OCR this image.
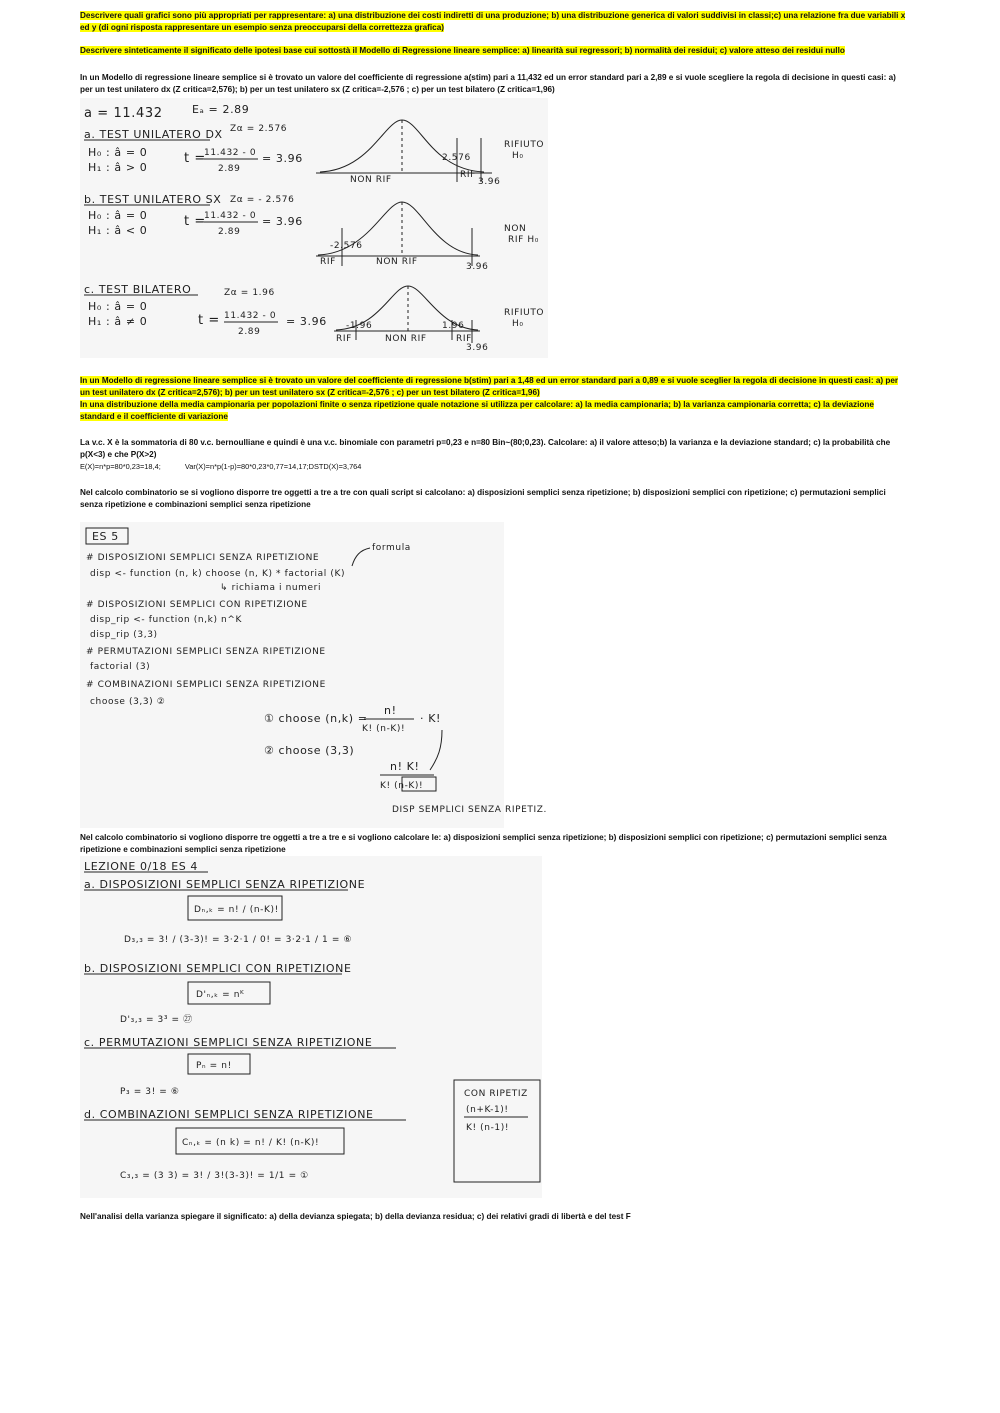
Descrivere quali grafici sono più appropriati per rappresentare: a) una distribuzione dei costi indiretti di una produzione; b) una distribuzione generica di valori suddivisi in classi;c) una relazione fra due variabili x ed y (di ogni risposta rappresentare un esempio senza preoccuparsi della correttezza grafica)

Descrivere sinteticamente il significato delle ipotesi base cui sottostà il Modello di Regressione lineare semplice: a) linearità sui regressori; b) normalità dei residui; c) valore atteso dei residui nullo

In un Modello di regressione lineare semplice si è trovato un valore del coefficiente di regressione a(stim) pari a 11,432 ed un error standard pari a 2,89 e si vuole scegliere la regola di decisione in questi casi: a) per un test unilatero dx (Z critica=2,576); b) per un test unilatero sx (Z critica=-2,576 ; c) per un test bilatero (Z critica=1,96)

a = 11.432	Eₐ = 2.89
a. TEST UNILATERO DX Zα = 2.576
H₀ : â = 0
H₁ : â > 0
t =
11.432 - 0
2.89
= 3.96	2.576
NON RIF	RIF
3.96
RIFIUTO
H₀
b. TEST UNILATERO SX Zα = - 2.576
H₀ : â = 0
H₁ : â < 0
t =
11.432 - 0
2.89
= 3.96
-2.576
RIF	NON RIF	3.96
NON
RIF H₀
c. TEST BILATERO	Zα = 1.96
H₀ : â = 0
H₁ : â ≠ 0	t = 11.432 - 0
2.89
= 3.96 -1.96	1.96
RIF	NON RIF	RIF
3.96
RIFIUTO
H₀

In un Modello di regressione lineare semplice si è trovato un valore del coefficiente di regressione b(stim) pari a 1,48 ed un error standard pari a 0,89 e si vuole sceglier la regola di decisione in questi casi: a) per un test unilatero dx (Z critica=2,576); b) per un test unilatero sx (Z critica=-2,576 ; c) per un test bilatero (Z critica=1,96)

In una distribuzione della media campionaria per popolazioni finite o senza ripetizione quale notazione si utilizza per calcolare: a) la media campionaria; b) la varianza campionaria corretta; c) la deviazione standard e il coefficiente di variazione

La v.c. X è la sommatoria di 80 v.c. bernoulliane e quindi è una v.c. binomiale con parametri p=0,23 e n=80 Bin~(80;0,23). Calcolare: a) il valore atteso;b) la varianza e la deviazione standard; c) la probabilità che p(X<3) e che P(X>2)

E(X)=n*p=80*0,23=18,4;	Var(X)=n*p(1-p)=80*0,23*0,77=14,17;DSTD(X)=3,764

Nel calcolo combinatorio se si vogliono disporre tre oggetti a tre a tre con quali script si calcolano: a) disposizioni semplici senza ripetizione; b) disposizioni semplici con ripetizione; c) permutazioni semplici senza ripetizione e combinazioni semplici senza ripetizione

ES 5
# DISPOSIZIONI SEMPLICI SENZA RIPETIZIONE
formula
disp <- function (n, k) choose (n, K) * factorial (K)
↳ richiama i numeri
# DISPOSIZIONI SEMPLICI CON RIPETIZIONE
disp_rip <- function (n,k) n^K
disp_rip (3,3)
# PERMUTAZIONI SEMPLICI SENZA RIPETIZIONE
factorial (3)
# COMBINAZIONI SEMPLICI SENZA RIPETIZIONE
choose (3,3) ②
① choose (n,k) =
n!
K! (n-K)!
· K!
② choose (3,3)
n! K!
K! (n-K)!
DISP SEMPLICI SENZA RIPETIZ.

Nel calcolo combinatorio si vogliono disporre tre oggetti a tre a tre e si vogliono calcolare le: a) disposizioni semplici senza ripetizione; b) disposizioni semplici con ripetizione; c) permutazioni semplici senza ripetizione e combinazioni semplici senza ripetizione

LEZIONE 0/18 ES 4
a. DISPOSIZIONI SEMPLICI SENZA RIPETIZIONE
Dₙ,ₖ = n! / (n-K)!
D₃,₃ = 3! / (3-3)! = 3·2·1 / 0! = 3·2·1 / 1 = ⑥
b. DISPOSIZIONI SEMPLICI CON RIPETIZIONE
D'ₙ,ₖ = nᴷ
D'₃,₃ = 3³ = ㉗
c. PERMUTAZIONI SEMPLICI SENZA RIPETIZIONE
Pₙ = n!
P₃ = 3! = ⑥	CON RIPETIZ
(n+K-1)!
K! (n-1)!
d. COMBINAZIONI SEMPLICI SENZA RIPETIZIONE
Cₙ,ₖ = (n k) = n! / K! (n-K)!
C₃,₃ = (3 3) = 3! / 3!(3-3)! = 1/1 = ①

Nell'analisi della varianza spiegare il significato: a) della devianza spiegata; b) della devianza residua; c) dei relativi gradi di libertà e del test F
